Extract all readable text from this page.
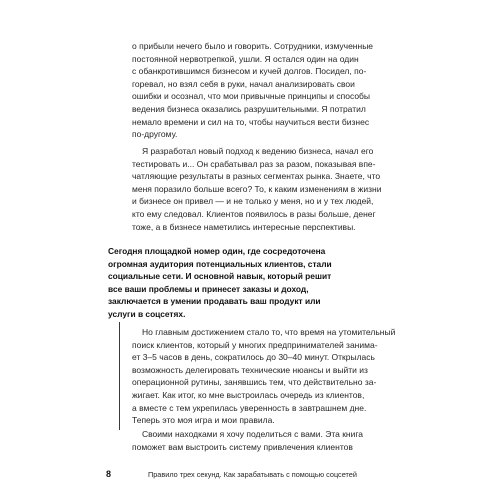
о прибыли нечего было и говорить. Сотрудники, измученные
постоянной нервотрепкой, ушли. Я остался один на один
с обанкротившимся бизнесом и кучей долгов. Посидел, по-
горевал, но взял себя в руки, начал анализировать свои
ошибки и осознал, что мои привычные принципы и способы
ведения бизнеса оказались разрушительными. Я потратил
немало времени и сил на то, чтобы научиться вести бизнес
по-другому.

Я разработал новый подход к ведению бизнеса, начал его
тестировать и... Он срабатывал раз за разом, показывая впе-
чатляющие результаты в разных сегментах рынка. Знаете, что
меня поразило больше всего? То, к каким изменениям в жизни
и бизнесе он привел — и не только у меня, но и у тех людей,
кто ему следовал. Клиентов появилось в разы больше, денег
тоже, а в бизнесе наметились интересные перспективы.

Сегодня площадкой номер один, где сосредоточена
огромная аудитория потенциальных клиентов, стали
социальные сети. И основной навык, который решит
все ваши проблемы и принесет заказы и доход,
заключается в умении продавать ваш продукт или
услуги в соцсетях.

Но главным достижением стало то, что время на утомительный
поиск клиентов, который у многих предпринимателей занима-
ет 3–5 часов в день, сократилось до 30–40 минут. Открылась
возможность делегировать технические нюансы и выйти из
операционной рутины, занявшись тем, что действительно за-
жигает. Как итог, ко мне выстроилась очередь из клиентов,
а вместе с тем укрепилась уверенность в завтрашнем дне.
Теперь это моя игра и мои правила.

Своими находками я хочу поделиться с вами. Эта книга
поможет вам выстроить систему привлечения клиентов

8	Правило трех секунд. Как зарабатывать с помощью соцсетей
